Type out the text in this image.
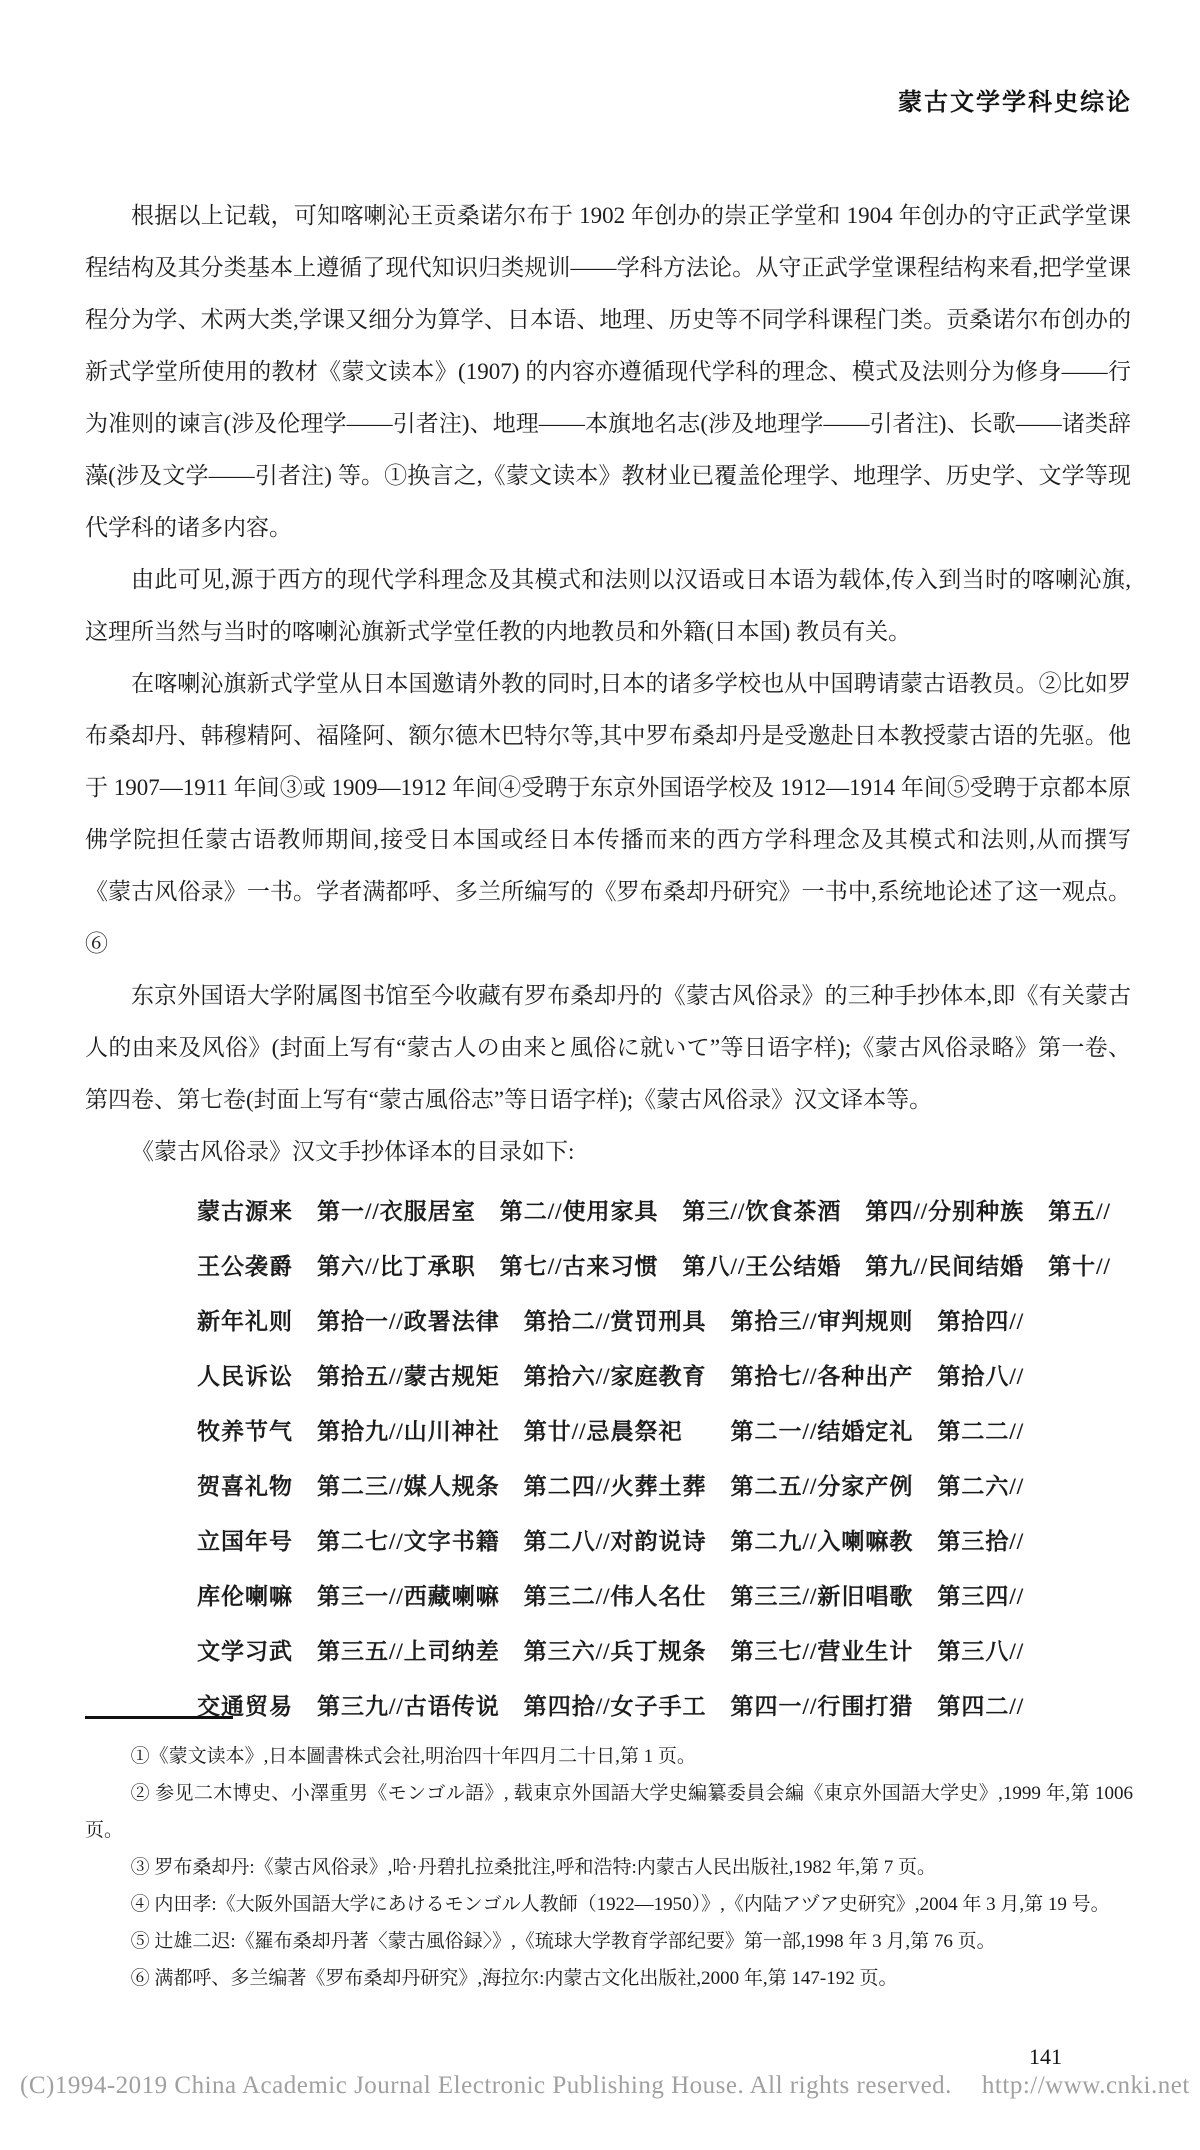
蒙古文学学科史综论

根据以上记载，可知喀喇沁王贡桑诺尔布于 1902 年创办的崇正学堂和 1904 年创办的守正武学堂课程结构及其分类基本上遵循了现代知识归类规训——学科方法论。从守正武学堂课程结构来看,把学堂课程分为学、术两大类,学课又细分为算学、日本语、地理、历史等不同学科课程门类。贡桑诺尔布创办的新式学堂所使用的教材《蒙文读本》(1907) 的内容亦遵循现代学科的理念、模式及法则分为修身——行为准则的谏言(涉及伦理学——引者注)、地理——本旗地名志(涉及地理学——引者注)、长歌——诸类辞藻(涉及文学——引者注) 等。①换言之,《蒙文读本》教材业已覆盖伦理学、地理学、历史学、文学等现代学科的诸多内容。

由此可见,源于西方的现代学科理念及其模式和法则以汉语或日本语为载体,传入到当时的喀喇沁旗,这理所当然与当时的喀喇沁旗新式学堂任教的内地教员和外籍(日本国) 教员有关。

在喀喇沁旗新式学堂从日本国邀请外教的同时,日本的诸多学校也从中国聘请蒙古语教员。②比如罗布桑却丹、韩穆精阿、福隆阿、额尔德木巴特尔等,其中罗布桑却丹是受邀赴日本教授蒙古语的先驱。他于 1907—1911 年间③或 1909—1912 年间④受聘于东京外国语学校及 1912—1914 年间⑤受聘于京都本原佛学院担任蒙古语教师期间,接受日本国或经日本传播而来的西方学科理念及其模式和法则,从而撰写《蒙古风俗录》一书。学者满都呼、多兰所编写的《罗布桑却丹研究》一书中,系统地论述了这一观点。⑥

东京外国语大学附属图书馆至今收藏有罗布桑却丹的《蒙古风俗录》的三种手抄体本,即《有关蒙古人的由来及风俗》(封面上写有“蒙古人の由来と風俗に就いて”等日语字样);《蒙古风俗录略》第一卷、第四卷、第七卷(封面上写有“蒙古風俗志”等日语字样);《蒙古风俗录》汉文译本等。

《蒙古风俗录》汉文手抄体译本的目录如下:

蒙古源来　第一//衣服居室　第二//使用家具　第三//饮食茶酒　第四//分别种族　第五//
王公袭爵　第六//比丁承职　第七//古来习惯　第八//王公结婚　第九//民间结婚　第十//
新年礼则　第拾一//政署法律　第拾二//赏罚刑具　第拾三//审判规则　第拾四//
人民诉讼　第拾五//蒙古规矩　第拾六//家庭教育　第拾七//各种出产　第拾八//
牧养节气　第拾九//山川神社　第廿//忌晨祭祀　　第二一//结婚定礼　第二二//
贺喜礼物　第二三//媒人规条　第二四//火葬土葬　第二五//分家产例　第二六//
立国年号　第二七//文字书籍　第二八//对韵说诗　第二九//入喇嘛教　第三拾//
库伦喇嘛　第三一//西藏喇嘛　第三二//伟人名仕　第三三//新旧唱歌　第三四//
文学习武　第三五//上司纳差　第三六//兵丁规条　第三七//营业生计　第三八//
交通贸易　第三九//古语传说　第四拾//女子手工　第四一//行围打猎　第四二//
①《蒙文读本》,日本圖書株式会社,明治四十年四月二十日,第 1 页。
② 参见二木博史、小澤重男《モンゴル語》, 载東京外国語大学史編纂委員会編《東京外国語大学史》,1999 年,第 1006 页。
③ 罗布桑却丹:《蒙古风俗录》,哈·丹碧扎拉桑批注,呼和浩特:内蒙古人民出版社,1982 年,第 7 页。
④ 内田孝:《大阪外国語大学にあけるモンゴル人教師（1922—1950）》,《内陆アヅア史研究》,2004 年 3 月,第 19 号。
⑤ 辻雄二迟:《羅布桑却丹著〈蒙古風俗録〉》,《琉球大学教育学部纪要》第一部,1998 年 3 月,第 76 页。
⑥ 满都呼、多兰编著《罗布桑却丹研究》,海拉尔:内蒙古文化出版社,2000 年,第 147-192 页。
141
(C)1994-2019 China Academic Journal Electronic Publishing House. All rights reserved. http://www.cnki.net
